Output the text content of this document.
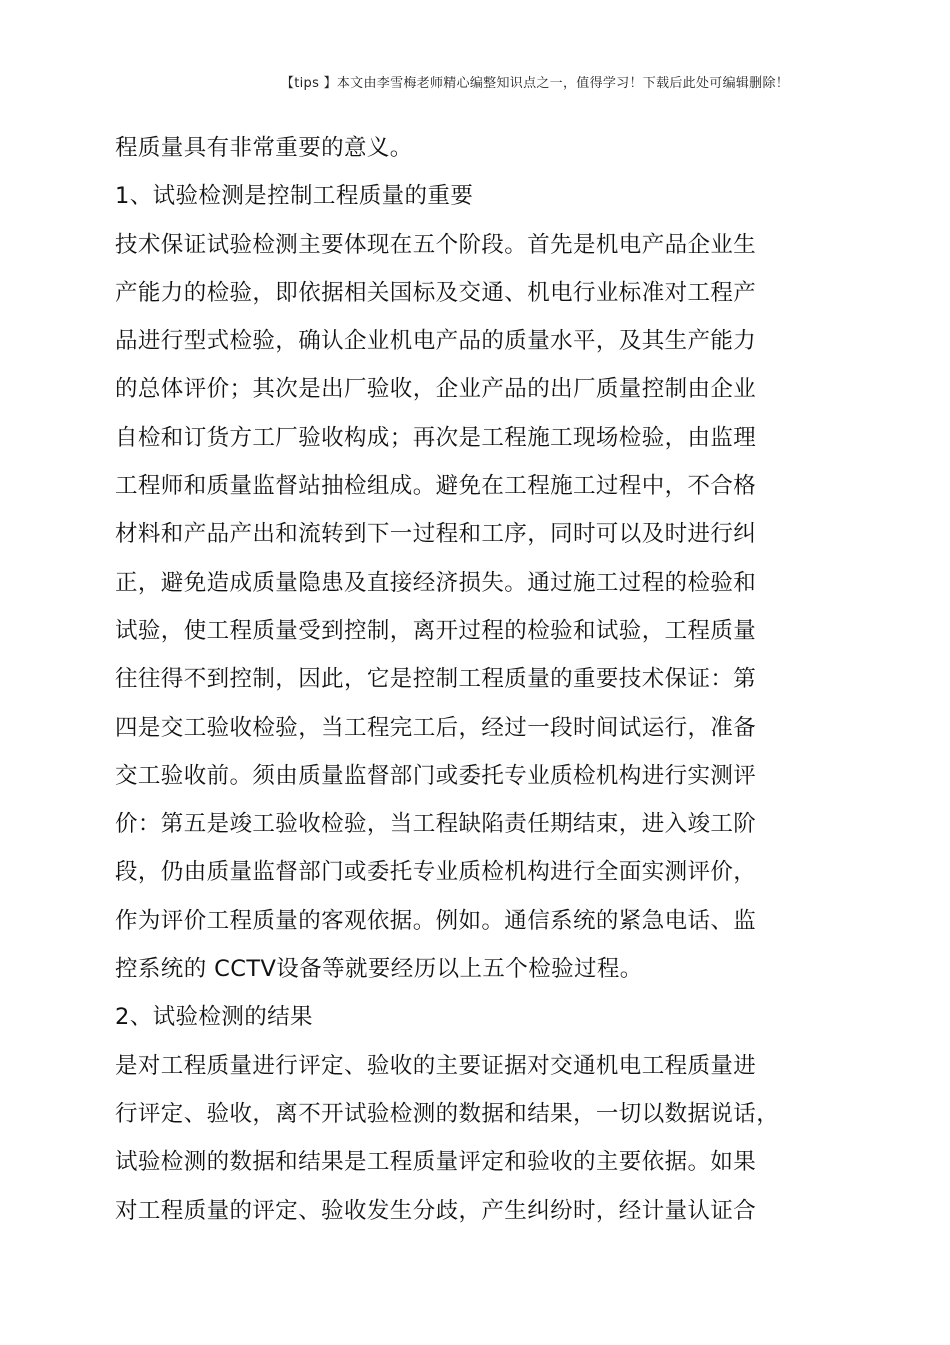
【tips 】本文由李雪梅老师精心编整知识点之一，值得学习！下载后此处可编辑删除！
程质量具有非常重要的意义。
1、试验检测是控制工程质量的重要
技术保证试验检测主要体现在五个阶段。首先是机电产品企业生
产能力的检验，即依据相关国标及交通、机电行业标准对工程产
品进行型式检验，确认企业机电产品的质量水平，及其生产能力
的总体评价；其次是出厂验收，企业产品的出厂质量控制由企业
自检和订货方工厂验收构成；再次是工程施工现场检验，由监理
工程师和质量监督站抽检组成。避免在工程施工过程中，不合格
材料和产品产出和流转到下一过程和工序，同时可以及时进行纠
正，避免造成质量隐患及直接经济损失。通过施工过程的检验和
试验，使工程质量受到控制，离开过程的检验和试验，工程质量
往往得不到控制，因此，它是控制工程质量的重要技术保证：第
四是交工验收检验，当工程完工后，经过一段时间试运行，准备
交工验收前。须由质量监督部门或委托专业质检机构进行实测评
价：第五是竣工验收检验，当工程缺陷责任期结束，进入竣工阶
段，仍由质量监督部门或委托专业质检机构进行全面实测评价，
作为评价工程质量的客观依据。例如。通信系统的紧急电话、监
控系统的 CCTV设备等就要经历以上五个检验过程。
2、试验检测的结果
是对工程质量进行评定、验收的主要证据对交通机电工程质量进
行评定、验收，离不开试验检测的数据和结果，一切以数据说话，
试验检测的数据和结果是工程质量评定和验收的主要依据。如果
对工程质量的评定、验收发生分歧，产生纠纷时，经计量认证合
